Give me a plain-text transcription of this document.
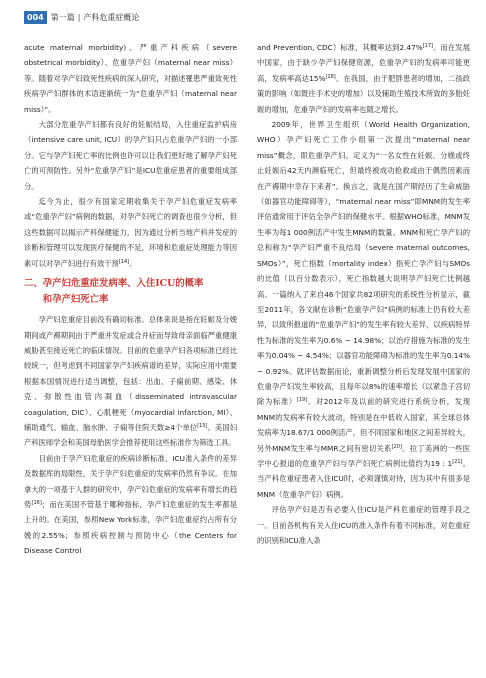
004 第一篇 | 产科危重症概论

acute maternal morbidity)、严重产科疾病（severe obstetrical morbidity）、危重孕产妇（maternal near miss）等。随着对孕产妇致死性疾病的深入研究，对描述罹患严重致死性疾病孕产妇群体的术语逐渐统一为“危重孕产妇（maternal near miss）”。

大部分危重孕产妇都有良好的妊娠结局，入住重症监护病房（intensive care unit, ICU）的孕产妇只占危重孕产妇的一小部分。它与孕产妇死亡率的比例也许可以让我们更好地了解孕产妇死亡的可预防性。另外“危重孕产妇”是ICU危重症患者的重要组成部分。

迄今为止，很少有国家定期收集关于孕产妇危重症发病率或“危重孕产妇”病例的数据，对孕产妇死亡的调查也很少分析，但这些数据可以揭示产科保健能力，因为通过分析当地产科并发症的诊断和管理可以发现医疗保健的不足，环境和危重症处理能力等因素可以对孕产妇进行有效干预[14]。

二、孕产妇危重症发病率、入住ICU的概率
和孕产妇死亡率

孕产妇危重症目前没有确切标准。总体来说是指在妊娠及分娩期间或产褥期间由于严重并发症或合并症而导致母亲面临严重健康威胁甚至接近死亡的临床情况。目前的危重孕产妇各项标准已经比较统一，但考虑到不同国家孕产妇疾病谱的差异，实际应用中需要根据本国情况进行适当调整，包括：出血、子痫前期、感染、休克、弥散性血管内凝血（disseminated intravascular coagulation, DIC）、心肌梗死（myocardial infarction, MI）、辅助通气、输血、脑水肿、子痫等住院天数≥4个单位[15]。美国妇产科医师学会和美国母胎医学会推荐使用这些标准作为筛选工具。

目前由于孕产妇危重症的疾病诊断标准、ICU准入条件的差异及数据库的局限性，关于孕产妇危重症的发病率仍然有争议。在加拿大的一项基于人群的研究中，孕产妇危重症的发病率有增长的趋势[16]；而在美国不管基于哪种指标，孕产妇危重症的发生率都是上升的。在美国，参照New York标准，孕产妇危重症约占所有分娩的2.55%；参照疾病控制与预防中心（the Centers for Disease Control

and Prevention, CDC）标准，其概率达到2.47%[17]。而在发展中国家，由于缺少孕产妇保健资源，危重孕产妇的发病率可能更高，发病率高达15%[18]。在我国，由于肥胖患者的增加，二孩政策的影响（如既往手术史的增加）以及辅助生殖技术所致的多胎妊娠的增加，危重孕产妇的发病率也随之增长。

2009年，世界卫生组织（World Health Organization, WHO）孕产妇死亡工作小组第一次提出“maternal near miss”概念，即危重孕产妇。定义为“一名女性在妊娠、分娩或终止妊娠后42天内濒临死亡，但最终被成功抢救或由于偶然因素而在产褥期中幸存下来者”。换言之，就是在国产期经历了生命威胁（如器官功能障碍等），“maternal near miss”即MNM的发生率评估通常用于评估全孕产妇的保健水平。根据WHO标准，MNM发生率为每1 000例活产中发生MNM的数量。MNM和死亡孕产妇的总和称为“孕产妇严重不良结局（severe maternal outcomes, SMOs）”，死亡指数（mortality index）指死亡孕产妇与SMOs的比值（以百分数表示），死亡指数越大说明孕产妇死亡比例越高。一篇纳入了来自46个国家共82项研究的系统性分析显示，截至2011年，各文献在诊断“危重孕产妇”病例的标准上仍有较大差异，以致所报道的“危重孕产妇”的发生率有较大差异，以疾病特异性为标准的发生率为0.6% ~ 14.98%；以治疗措施为标准的发生率为0.04% ~ 4.54%；以器官功能障碍为标准的发生率为0.14% ~ 0.92%。就评估数据而论，重新调整分析后发现发展中国家的危重孕产妇发生率较高，且每年以8%的速率增长（以紧急子宫切除为标准）[19]。对2012年及以前的研究进行系统分析，发现MNM的发病率有较大波动，特别是在中低收入国家，其全球总体发病率为18.67/1 000例活产，但不同国家和地区之间差异较大，另外MNM发生率与MMR之间有密切关系[20]。拉丁美洲的一些医学中心报道的危重孕产妇与孕产妇死亡病例比值约为19 : 1[21]。当产科危重症患者入住ICU时，必须谨慎对待，因为其中有很多是MNM（危重孕产妇）病例。

评估孕产妇是否有必要入住ICU是产科危重症的管理手段之一。目前各机构有关入住ICU的准入条件有着不同标准，对危重症的识别和ICU准入条
